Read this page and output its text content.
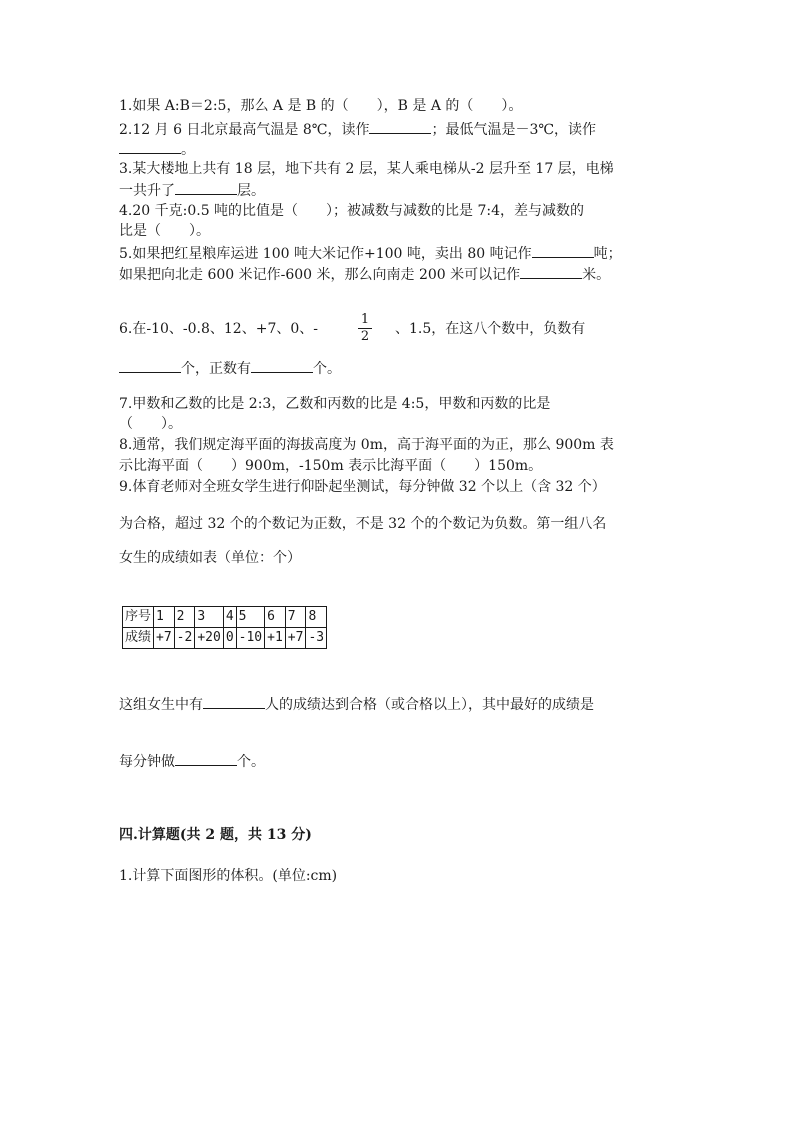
1.如果 A:B＝2:5，那么 A 是 B 的（　　），B 是 A 的（　　）。
2.12 月 6 日北京最高气温是 8℃，读作	；最低气温是－3℃，读作
。
3.某大楼地上共有 18 层，地下共有 2 层，某人乘电梯从-2 层升至 17 层，电梯
一共升了	层。
4.20 千克:0.5 吨的比值是（　　）；被减数与减数的比是 7:4，差与减数的
比是（　　）。
5.如果把红星粮库运进 100 吨大米记作+100 吨，卖出 80 吨记作	吨；
如果把向北走 600 米记作-600 米，那么向南走 200 米可以记作	米。
6.在-10、-0.8、12、+7、0、-
1
2 、1.5，在这八个数中，负数有
个，正数有	个。
7.甲数和乙数的比是 2:3，乙数和丙数的比是 4:5，甲数和丙数的比是
（　　）。
8.通常，我们规定海平面的海拔高度为 0m，高于海平面的为正，那么 900m 表
示比海平面（　　）900m，-150m 表示比海平面（　　）150m。
9.体育老师对全班女学生进行仰卧起坐测试，每分钟做 32 个以上（含 32 个）
为合格，超过 32 个的个数记为正数，不是 32 个的个数记为负数。第一组八名
女生的成绩如表（单位：个）
序号	1	2	3	4	5	6	7	8
成绩	+7	-2	+20	0	-10	+1	+7	-3
这组女生中有	人的成绩达到合格（或合格以上），其中最好的成绩是
每分钟做	个。
四.计算题(共 2 题，共 13 分)
1.计算下面图形的体积。(单位:cm)
